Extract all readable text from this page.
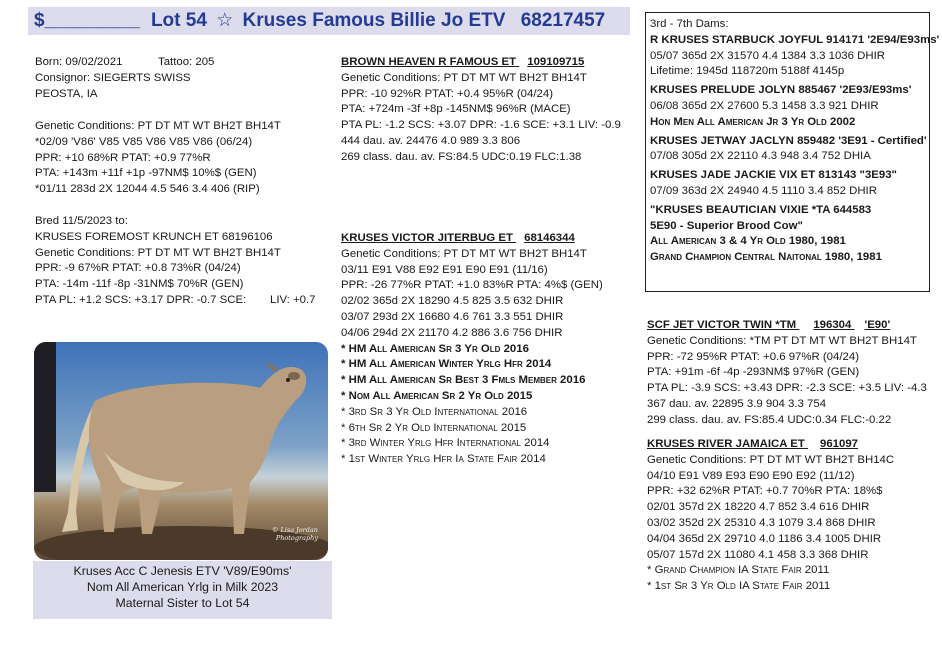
$_________ Lot 54 ☆ Kruses Famous Billie Jo ETV 68217457
Born: 09/02/2021	Tattoo: 205
Consignor: SIEGERTS SWISS
PEOSTA, IA
Genetic Conditions: PT DT MT WT BH2T BH14T
*02/09 'V86' V85 V85 V86 V85 V86 (06/24)
PPR: +10 68%R PTAT: +0.9 77%R
PTA: +143m +11f +1p -97NM$ 10%$ (GEN)
*01/11 283d 2X 12044 4.5 546 3.4 406 (RIP)
Bred 11/5/2023 to:
KRUSES FOREMOST KRUNCH ET 68196106
Genetic Conditions: PT DT MT WT BH2T BH14T
PPR: -9 67%R PTAT: +0.8 73%R (04/24)
PTA: -14m -11f -8p -31NM$ 70%R (GEN)
PTA PL: +1.2 SCS: +3.17 DPR: -0.7 SCE: LIV: +0.7
© Lisa Jordan Photography
Kruses Acc C Jenesis ETV 'V89/E90ms'
Nom All American Yrlg in Milk 2023
Maternal Sister to Lot 54
BROWN HEAVEN R FAMOUS ET 109109715
Genetic Conditions: PT DT MT WT BH2T BH14T
PPR: -10 92%R PTAT: +0.4 95%R (04/24)
PTA: +724m -3f +8p -145NM$ 96%R (MACE)
PTA PL: -1.2 SCS: +3.07 DPR: -1.6 SCE: +3.1 LIV: -0.9
444 dau. av. 24476 4.0 989 3.3 806
269 class. dau. av. FS:84.5 UDC:0.19 FLC:1.38
KRUSES VICTOR JITERBUG ET 68146344
Genetic Conditions: PT DT MT WT BH2T BH14T
03/11 E91 V88 E92 E91 E90 E91 (11/16)
PPR: -26 77%R PTAT: +1.0 83%R PTA: 4%$ (GEN)
02/02 365d 2X 18290 4.5 825 3.5 632 DHIR
03/07 293d 2X 16680 4.6 761 3.3 551 DHIR
04/06 294d 2X 21170 4.2 886 3.6 756 DHIR
* HM All American Sr 3 Yr Old 2016
* HM All American Winter Yrlg Hfr 2014
* HM All American Sr Best 3 Fmls Member 2016
* Nom All American Sr 2 Yr Old 2015
* 3rd Sr 3 Yr Old International 2016
* 6th Sr 2 Yr Old International 2015
* 3rd Winter Yrlg Hfr International 2014
* 1st Winter Yrlg Hfr Ia State Fair 2014
3rd - 7th Dams:
R KRUSES STARBUCK JOYFUL 914171 '2E94/E93ms'
05/07 365d 2X 31570 4.4 1384 3.3 1036 DHIR
Lifetime: 1945d 118720m 5188f 4145p
KRUSES PRELUDE JOLYN 885467 '2E93/E93ms'
06/08 365d 2X 27600 5.3 1458 3.3 921 DHIR
Hon Men All American Jr 3 Yr Old 2002
KRUSES JETWAY JACLYN 859482 '3E91 - Certified'
07/08 305d 2X 22110 4.3 948 3.4 752 DHIA
KRUSES JADE JACKIE VIX ET 813143 "3E93"
07/09 363d 2X 24940 4.5 1110 3.4 852 DHIR
"KRUSES BEAUTICIAN VIXIE *TA 644583
5E90 - Superior Brood Cow"
All American 3 & 4 Yr Old 1980, 1981
Grand Champion Central Naitonal 1980, 1981
SCF JET VICTOR TWIN *TM 196304 'E90'
Genetic Conditions: *TM PT DT MT WT BH2T BH14T
PPR: -72 95%R PTAT: +0.6 97%R (04/24)
PTA: +91m -6f -4p -293NM$ 97%R (GEN)
PTA PL: -3.9 SCS: +3.43 DPR: -2.3 SCE: +3.5 LIV: -4.3
367 dau. av. 22895 3.9 904 3.3 754
299 class. dau. av. FS:85.4 UDC:0.34 FLC:-0.22
KRUSES RIVER JAMAICA ET 961097
Genetic Conditions: PT DT MT WT BH2T BH14C
04/10 E91 V89 E93 E90 E90 E92 (11/12)
PPR: +32 62%R PTAT: +0.7 70%R PTA: 18%$
02/01 357d 2X 18220 4.7 852 3.4 616 DHIR
03/02 352d 2X 25310 4.3 1079 3.4 868 DHIR
04/04 365d 2X 29710 4.0 1186 3.4 1005 DHIR
05/07 157d 2X 11080 4.1 458 3.3 368 DHIR
* Grand Champion IA State Fair 2011
* 1st Sr 3 Yr Old IA State Fair 2011
